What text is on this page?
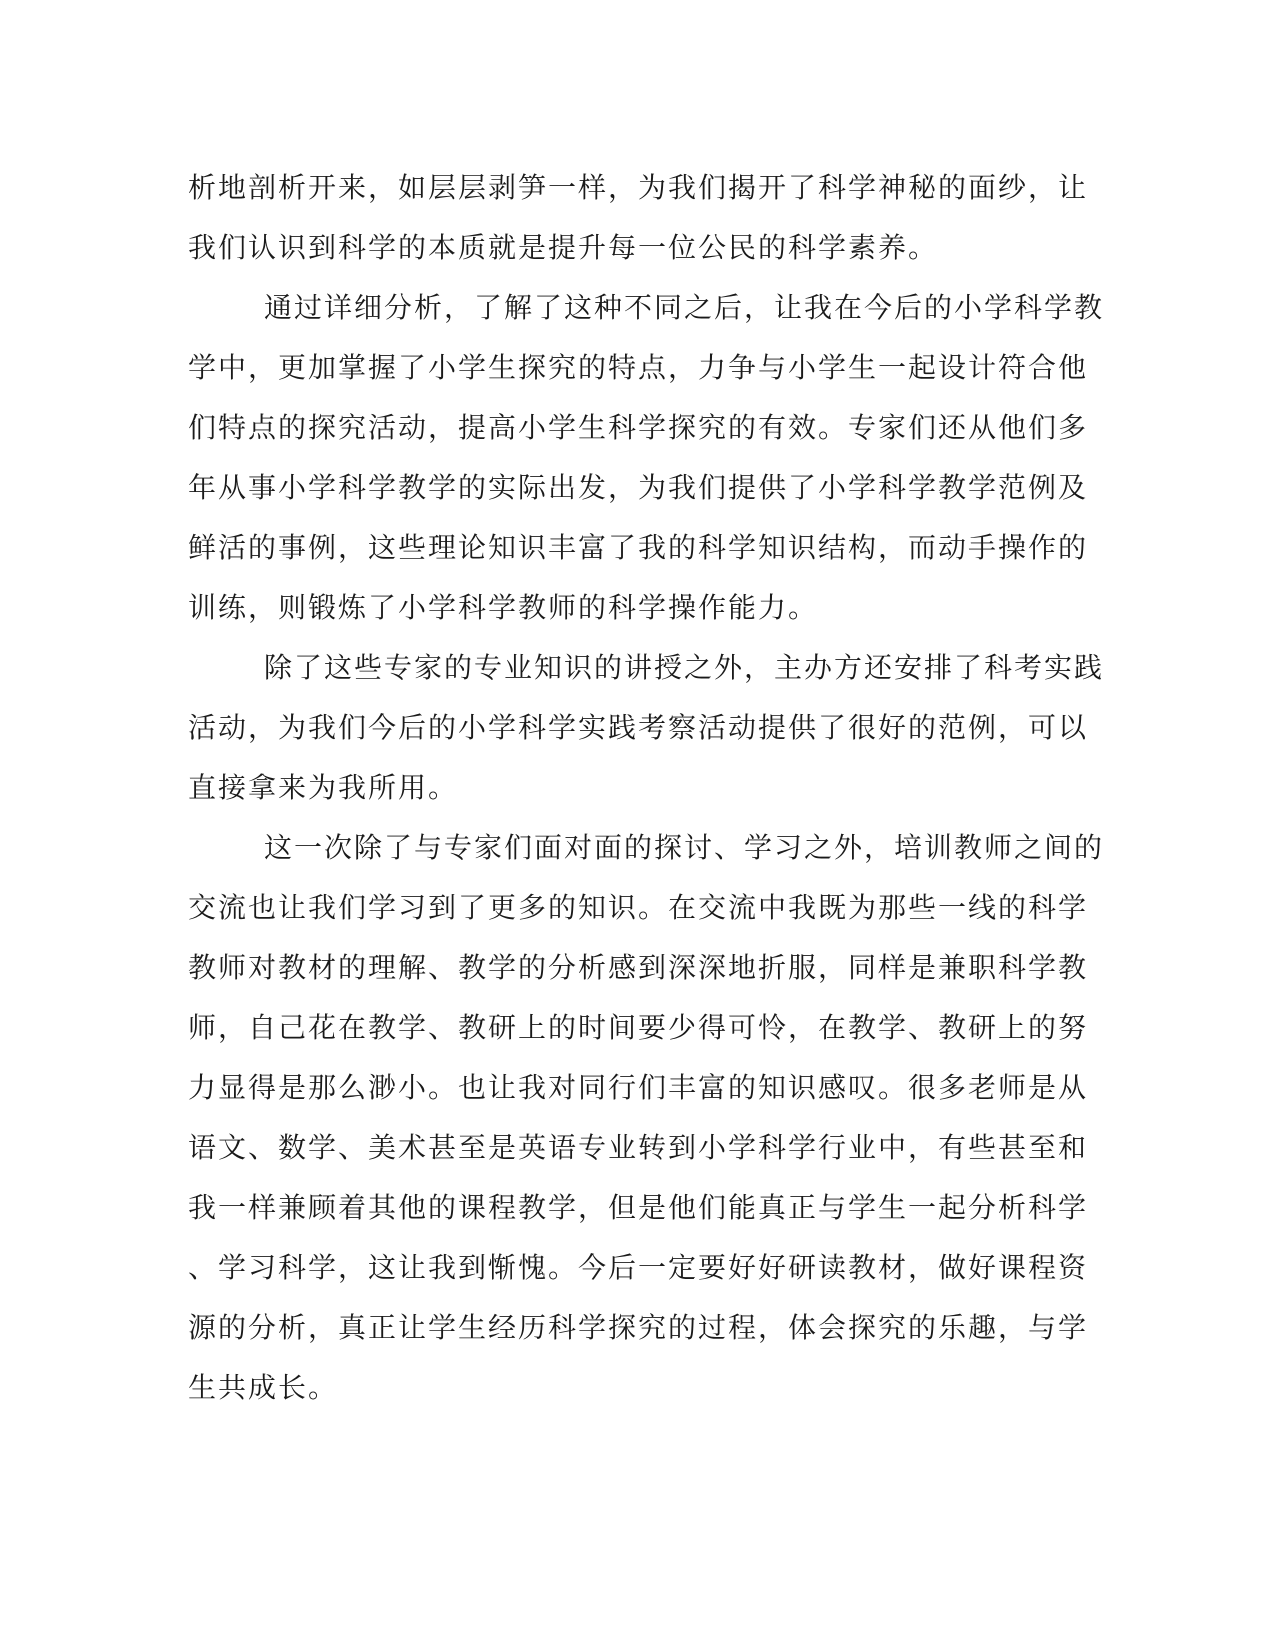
析地剖析开来，如层层剥笋一样，为我们揭开了科学神秘的面纱，让
我们认识到科学的本质就是提升每一位公民的科学素养。
通过详细分析，了解了这种不同之后，让我在今后的小学科学教
学中，更加掌握了小学生探究的特点，力争与小学生一起设计符合他
们特点的探究活动，提高小学生科学探究的有效。专家们还从他们多
年从事小学科学教学的实际出发，为我们提供了小学科学教学范例及
鲜活的事例，这些理论知识丰富了我的科学知识结构，而动手操作的
训练，则锻炼了小学科学教师的科学操作能力。
除了这些专家的专业知识的讲授之外，主办方还安排了科考实践
活动，为我们今后的小学科学实践考察活动提供了很好的范例，可以
直接拿来为我所用。
这一次除了与专家们面对面的探讨、学习之外，培训教师之间的
交流也让我们学习到了更多的知识。在交流中我既为那些一线的科学
教师对教材的理解、教学的分析感到深深地折服，同样是兼职科学教
师，自己花在教学、教研上的时间要少得可怜，在教学、教研上的努
力显得是那么渺小。也让我对同行们丰富的知识感叹。很多老师是从
语文、数学、美术甚至是英语专业转到小学科学行业中，有些甚至和
我一样兼顾着其他的课程教学，但是他们能真正与学生一起分析科学
、学习科学，这让我到惭愧。今后一定要好好研读教材，做好课程资
源的分析，真正让学生经历科学探究的过程，体会探究的乐趣，与学
生共成长。
